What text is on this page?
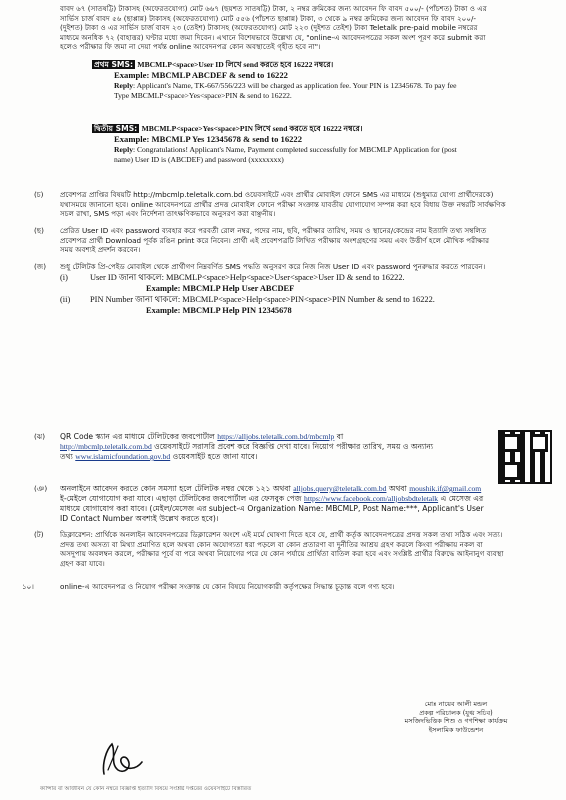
বাবদ ৬৭ (সাতষট্টি) টাকাসহ (অফেরতযোগ্য) মোট ৬৬৭ (ছয়শত সাতষট্টি) টাকা, ২ নম্বর ক্রমিকের জন্য আবেদন ফি বাবদ ৫০০/- (পাঁচশত) টাকা ও এর
সার্ভিস চার্জ বাবদ ৫৬ (ছাপ্পান্ন) টাকাসহ (অফেরতযোগ্য) মোট ৫৫৬ (পাঁচশত ছাপ্পান্ন) টাকা, ৩ থেকে ৯ নম্বর ক্রমিকের জন্য আবেদন ফি বাবদ ২০০/-
(দুইশত) টাকা ও এর সার্ভিস চার্জ বাবদ ২৩ (তেইশ) টাকাসহ (অফেরতযোগ্য) মোট ২২৩ (দুইশত তেইশ) টাকা Teletalk pre-paid mobile নম্বরের
মাধ্যমে অনধিক ৭২ (বাহাত্তর) ঘণ্টার মধ্যে জমা দিবেন। এখানে বিশেষভাবে উল্লেখ্য যে, "online-এ আবেদনপত্রের সকল অংশ পূরণ করে submit করা
হলেও পরীক্ষার ফি জমা না দেয়া পর্যন্ত online আবেদনপত্র কোন অবস্থাতেই গৃহীত হবে না"।
প্রথম SMS: MBCMLP<space>User ID লিখে send করতে হবে 16222 নম্বরে।
Example: MBCMLP ABCDEF & send to 16222
Reply: Applicant's Name, TK-667/556/223 will be charged as application fee. Your PIN is 12345678. To pay fee
Type MBCMLP<space>Yes<space>PIN & send to 16222.
দ্বিতীয় SMS: MBCMLP<space>Yes<space>PIN লিখে send করতে হবে 16222 নম্বরে।
Example: MBCMLP Yes 12345678 & send to 16222
Reply: Congratulations! Applicant's Name, Payment completed successfully for MBCMLP Application for (post
name) User ID is (ABCDEF) and password (xxxxxxxx)
(চ)	প্রবেশপত্র প্রাপ্তির বিষয়টি http://mbcmlp.teletalk.com.bd ওয়েবসাইটে এবং প্রার্থীর মোবাইল ফোনে SMS এর মাধ্যমে (শুধুমাত্র যোগ্য প্রার্থীদেরকে)
যথাসময়ে জানানো হবে। online আবেদনপত্রে প্রার্থীর প্রদত্ত মোবাইল ফোনে পরীক্ষা সংক্রান্ত যাবতীয় যোগাযোগ সম্পন্ন করা হবে বিধায় উক্ত নম্বরটি সার্বক্ষণিক
সচল রাখা, SMS পড়া এবং নির্দেশনা তাৎক্ষণিকভাবে অনুসরণ করা বাঞ্ছনীয়।
(ছ)	প্রেরিত User ID এবং password ব্যবহার করে পরবর্তী রোল নম্বর, পদের নাম, ছবি, পরীক্ষার তারিখ, সময় ও স্থানের/কেন্দ্রের নাম ইত্যাদি তথ্য সম্বলিত
প্রবেশপত্র প্রার্থী Download পূর্বক রঙিন print করে নিবেন। প্রার্থী এই প্রবেশপত্রটি লিখিত পরীক্ষায় অংশগ্রহণের সময় এবং উত্তীর্ণ হলে মৌখিক পরীক্ষার
সময় অবশ্যই প্রদর্শন করবেন।
(জ)	শুধু টেলিটক প্রি-পেইড মোবাইল থেকে প্রার্থীগণ নিম্নবর্ণিত SMS পদ্ধতি অনুসরণ করে নিজ নিজ User ID এবং password পুনরুদ্ধার করতে পারবেন।
(i)	User ID জানা থাকলে: MBCMLP<space>Help<space>User<space>User ID & send to 16222.
Example: MBCMLP Help User ABCDEF
(ii) PIN Number জানা থাকলে: MBCMLP<space>Help<space>PIN<space>PIN Number & send to 16222.
Example: MBCMLP Help PIN 12345678
(ঝ)	QR Code স্ক্যান এর মাধ্যমে টেলিটকের জবপোর্টাল https://alljobs.teletalk.com.bd/mbcmlp বা
http://mbcmlp.teletalk.com.bd ওয়েবসাইটে সরাসরি প্রবেশ করে বিজ্ঞপ্তি দেখা যাবে। নিয়োগ পরীক্ষার তারিখ, সময় ও অন্যান্য
তথ্য www.islamicfoundation.gov.bd ওয়েবসাইট হতে জানা যাবে।
(ঞ)	অনলাইনে আবেদন করতে কোন সমস্যা হলে টেলিটক নম্বর থেকে ১২১ অথবা alljobs.query@teletalk.com.bd অথবা moushik.if@gmail.com
ই-মেইলে যোগাযোগ করা যাবে। এছাড়া টেলিটকের জবপোর্টাল এর ফেসবুক পেজ https://www.facebook.com/alljobsbdteletalk এ মেসেজ এর
মাধ্যমে যোগাযোগ করা যাবে। (মেইল/মেসেজ এর subject-এ Organization Name: MBCMLP, Post Name:***, Applicant's User
ID Contact Number অবশ্যই উল্লেখ করতে হবে)।
(ট)	ডিক্লারেশন: প্রার্থিকে অনলাইন আবেদনপত্রের ডিক্লারেশন অংশে এই মর্মে ঘোষণা দিতে হবে যে, প্রার্থী কর্তৃক আবেদনপত্রের প্রদত্ত সকল তথ্য সঠিক এবং সত্য।
প্রদত্ত তথ্য অসত্য বা মিথ্যা প্রমাণিত হলে অথবা কোন অযোগ্যতা ধরা পড়লে বা কোন প্রতারণা বা দুর্নীতির আশ্রয় গ্রহণ করলে কিংবা পরীক্ষায় নকল বা
অসদুপায় অবলম্বন করলে, পরীক্ষার পূর্বে বা পরে অথবা নিয়োগের পরে যে কোন পর্যায়ে প্রার্থিতা বাতিল করা হবে এবং সংশ্লিষ্ট প্রার্থীর বিরুদ্ধে আইনানুগ ব্যবস্থা
গ্রহণ করা যাবে।
১০।	online-এ আবেদনপত্র ও নিয়োগ পরীক্ষা সংক্রান্ত যে কোন বিষয়ে নিয়োগকারী কর্তৃপক্ষের সিদ্ধান্ত চূড়ান্ত বলে গণ্য হবে।
মোঃ নায়েব আলী মন্ডল
প্রকল্প পরিচালক (যুগ্ম সচিব)
মসজিদভিত্তিক শিশু ও গণশিক্ষা কার্যক্রম
ইসলামিক ফাউন্ডেশন
ক্যান্সার বা আজীবন যে কোন নম্বরে বিজ্ঞপ্তি ইত্যাদি বিষয়ে সংশ্লিষ্ট দপ্তরের ওয়েবসাইটে বিস্তারিত
